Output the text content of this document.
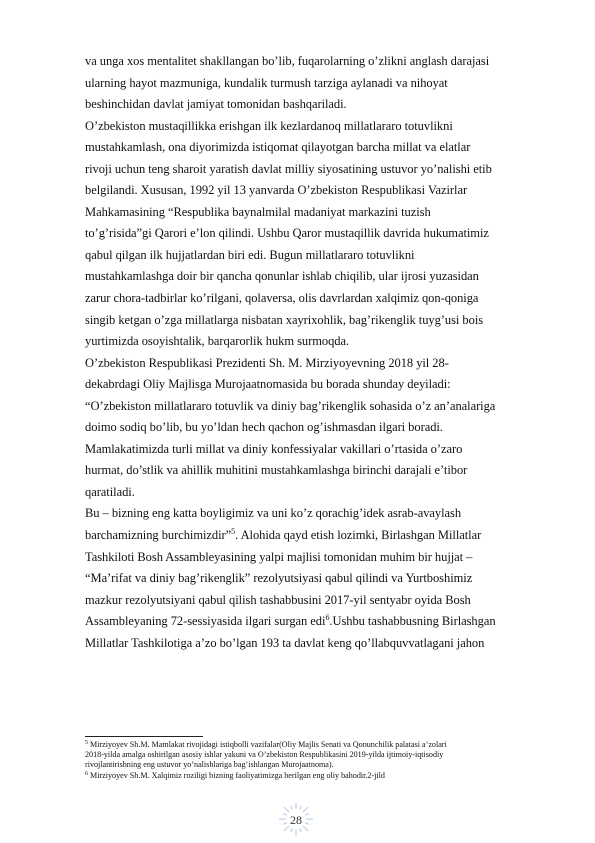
va unga xos mentalitet shakllangan bo’lib, fuqarolarning o’zlikni anglash darajasi
ularning hayot mazmuniga, kundalik turmush tarziga aylanadi va nihoyat
beshinchidan davlat jamiyat tomonidan bashqariladi.
O’zbekiston mustaqillikka erishgan ilk kezlardanoq millatlararo totuvlikni
mustahkamlash, ona diyorimizda istiqomat qilayotgan barcha millat va elatlar
rivoji uchun teng sharoit yaratish davlat milliy siyosatining ustuvor yo’nalishi etib
belgilandi. Xususan, 1992 yil 13 yanvarda O’zbekiston Respublikasi Vazirlar
Mahkamasining “Respublika baynalmilal madaniyat markazini tuzish
to’g’risida”gi Qarori e’lon qilindi. Ushbu Qaror mustaqillik davrida hukumatimiz
qabul qilgan ilk hujjatlardan biri edi. Bugun millatlararo totuvlikni
mustahkamlashga doir bir qancha qonunlar ishlab chiqilib, ular ijrosi yuzasidan
zarur chora-tadbirlar ko’rilgani, qolaversa, olis davrlardan xalqimiz qon-qoniga
singib ketgan o’zga millatlarga nisbatan xayrixohlik, bag’rikenglik tuyg’usi bois
yurtimizda osoyishtalik, barqarorlik hukm surmoqda.
O’zbekiston Respublikasi Prezidenti Sh. M. Mirziyoyevning 2018 yil 28-
dekabrdagi Oliy Majlisga Murojaatnomasida bu borada shunday deyiladi:
“O’zbekiston millatlararo totuvlik va diniy bag’rikenglik sohasida o’z an’analariga
doimo sodiq bo’lib, bu yo’ldan hech qachon og’ishmasdan ilgari boradi.
Mamlakatimizda turli millat va diniy konfessiyalar vakillari o’rtasida o’zaro
hurmat, do’stlik va ahillik muhitini mustahkamlashga birinchi darajali e’tibor
qaratiladi.
Bu – bizning eng katta boyligimiz va uni ko’z qorachig’idek asrab-avaylash
barchamizning burchimizdir”$^5$. Alohida qayd etish lozimki, Birlashgan Millatlar
Tashkiloti Bosh Assambleyasining yalpi majlisi tomonidan muhim bir hujjat –
“Ma’rifat va diniy bag’rikenglik” rezolyutsiyasi qabul qilindi va Yurtboshimiz
mazkur rezolyutsiyani qabul qilish tashabbusini 2017-yil sentyabr oyida Bosh
Assambleyaning 72-sessiyasida ilgari surgan edi$^6$.Ushbu tashabbusning Birlashgan
Millatlar Tashkilotiga a’zo bo’lgan 193 ta davlat keng qo’llabquvvatlagani jahon
$^5$ Mirziyoyev Sh.M. Mamlakat rivojidagi istiqbolli vazifalar(Oliy Majlis Senati va Qonunchilik palatasi a’zolari
2018-yilda amalga oshirilgan asosiy ishlar yakuni va O’zbekiston Respublikasini 2019-yilda ijtimoiy-iqtisodiy
rivojlantirishning eng ustuvor yo’nalishlariga bag’ishlangan Murojaatnoma).
$^6$ Mirziyoyev Sh.M. Xalqimiz roziligi bizning faoliyatimizga berilgan eng oliy bahodir.2-jild
28
